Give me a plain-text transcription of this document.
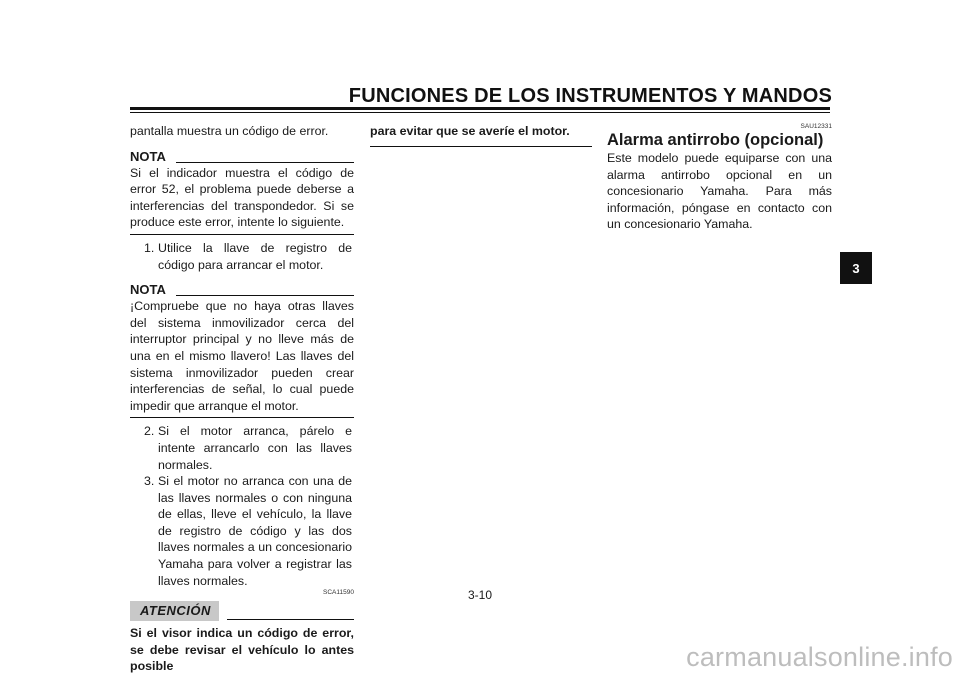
FUNCIONES DE LOS INSTRUMENTOS Y MANDOS

pantalla muestra un código de error.

NOTA

Si el indicador muestra el código de error 52, el problema puede deberse a interferencias del transpondedor. Si se produce este error, intente lo siguiente.

1. Utilice la llave de registro de código para arrancar el motor.
NOTA

¡Compruebe que no haya otras llaves del sistema inmovilizador cerca del interruptor principal y no lleve más de una en el mismo llavero! Las llaves del sistema inmovilizador pueden crear interferencias de señal, lo cual puede impedir que arranque el motor.

2. Si el motor arranca, párelo e intente arrancarlo con las llaves normales.
3. Si el motor no arranca con una de las llaves normales o con ninguna de ellas, lleve el vehículo, la llave de registro de código y las dos llaves normales a un concesionario Yamaha para volver a registrar las llaves normales.
SCA11590
ATENCIÓN

Si el visor indica un código de error, se debe revisar el vehículo lo antes posible

para evitar que se averíe el motor.	SAU12331
Alarma antirrobo (opcional)

Este modelo puede equiparse con una alarma antirrobo opcional en un concesionario Yamaha. Para más información, póngase en contacto con un concesionario Yamaha.

3
3-10
carmanualsonline.info
